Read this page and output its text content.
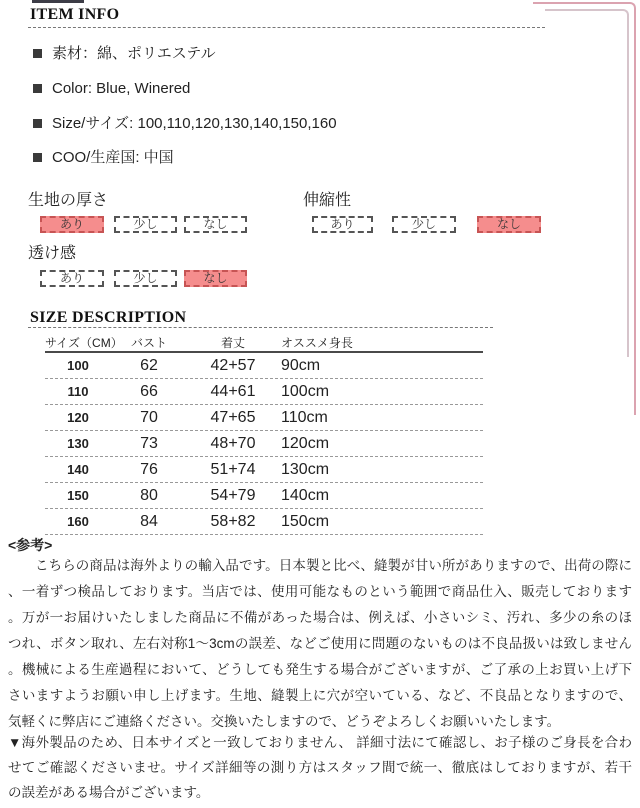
ITEM INFO
素材：綿、ポリエステル
Color: Blue, Winered
Size/サイズ: 100,110,120,130,140,150,160
COO/生産国: 中国
生地の厚さ
あり	少し	なし
伸縮性
あり	少し	なし
透け感
あり	少し	なし
SIZE DESCRIPTION
サイズ（CM） バスト	着丈	オススメ身長
100	62	42+57	90cm
110	66	44+61	100cm
120	70	47+65	110cm
130	73	48+70	120cm
140	76	51+74	130cm
150	80	54+79	140cm
160	84	58+82	150cm
<参考>
こちらの商品は海外よりの輸入品です。日本製と比べ、縫製が甘い所がありますので、出荷の際に
、一着ずつ検品しております。当店では、使用可能なものという範囲で商品仕入、販売しております
。万が一お届けいたしました商品に不備があった場合は、例えば、小さいシミ、汚れ、多少の糸のほ
つれ、ボタン取れ、左右対称1〜3cmの誤差、などご使用に問題のないものは不良品扱いは致しません
。機械による生産過程において、どうしても発生する場合がございますが、ご了承の上お買い上げ下
さいますようお願い申し上げます。生地、縫製上に穴が空いている、など、不良品となりますので、
気軽くに弊店にご連絡ください。交換いたしますので、どうぞよろしくお願いいたします。
▼海外製品のため、日本サイズと一致しておりません、 詳細寸法にて確認し、お子様のご身長を合わ
せてご確認くださいませ。サイズ詳細等の測り方はスタッフ間で統一、徹底はしておりますが、若干
の誤差がある場合がございます。
